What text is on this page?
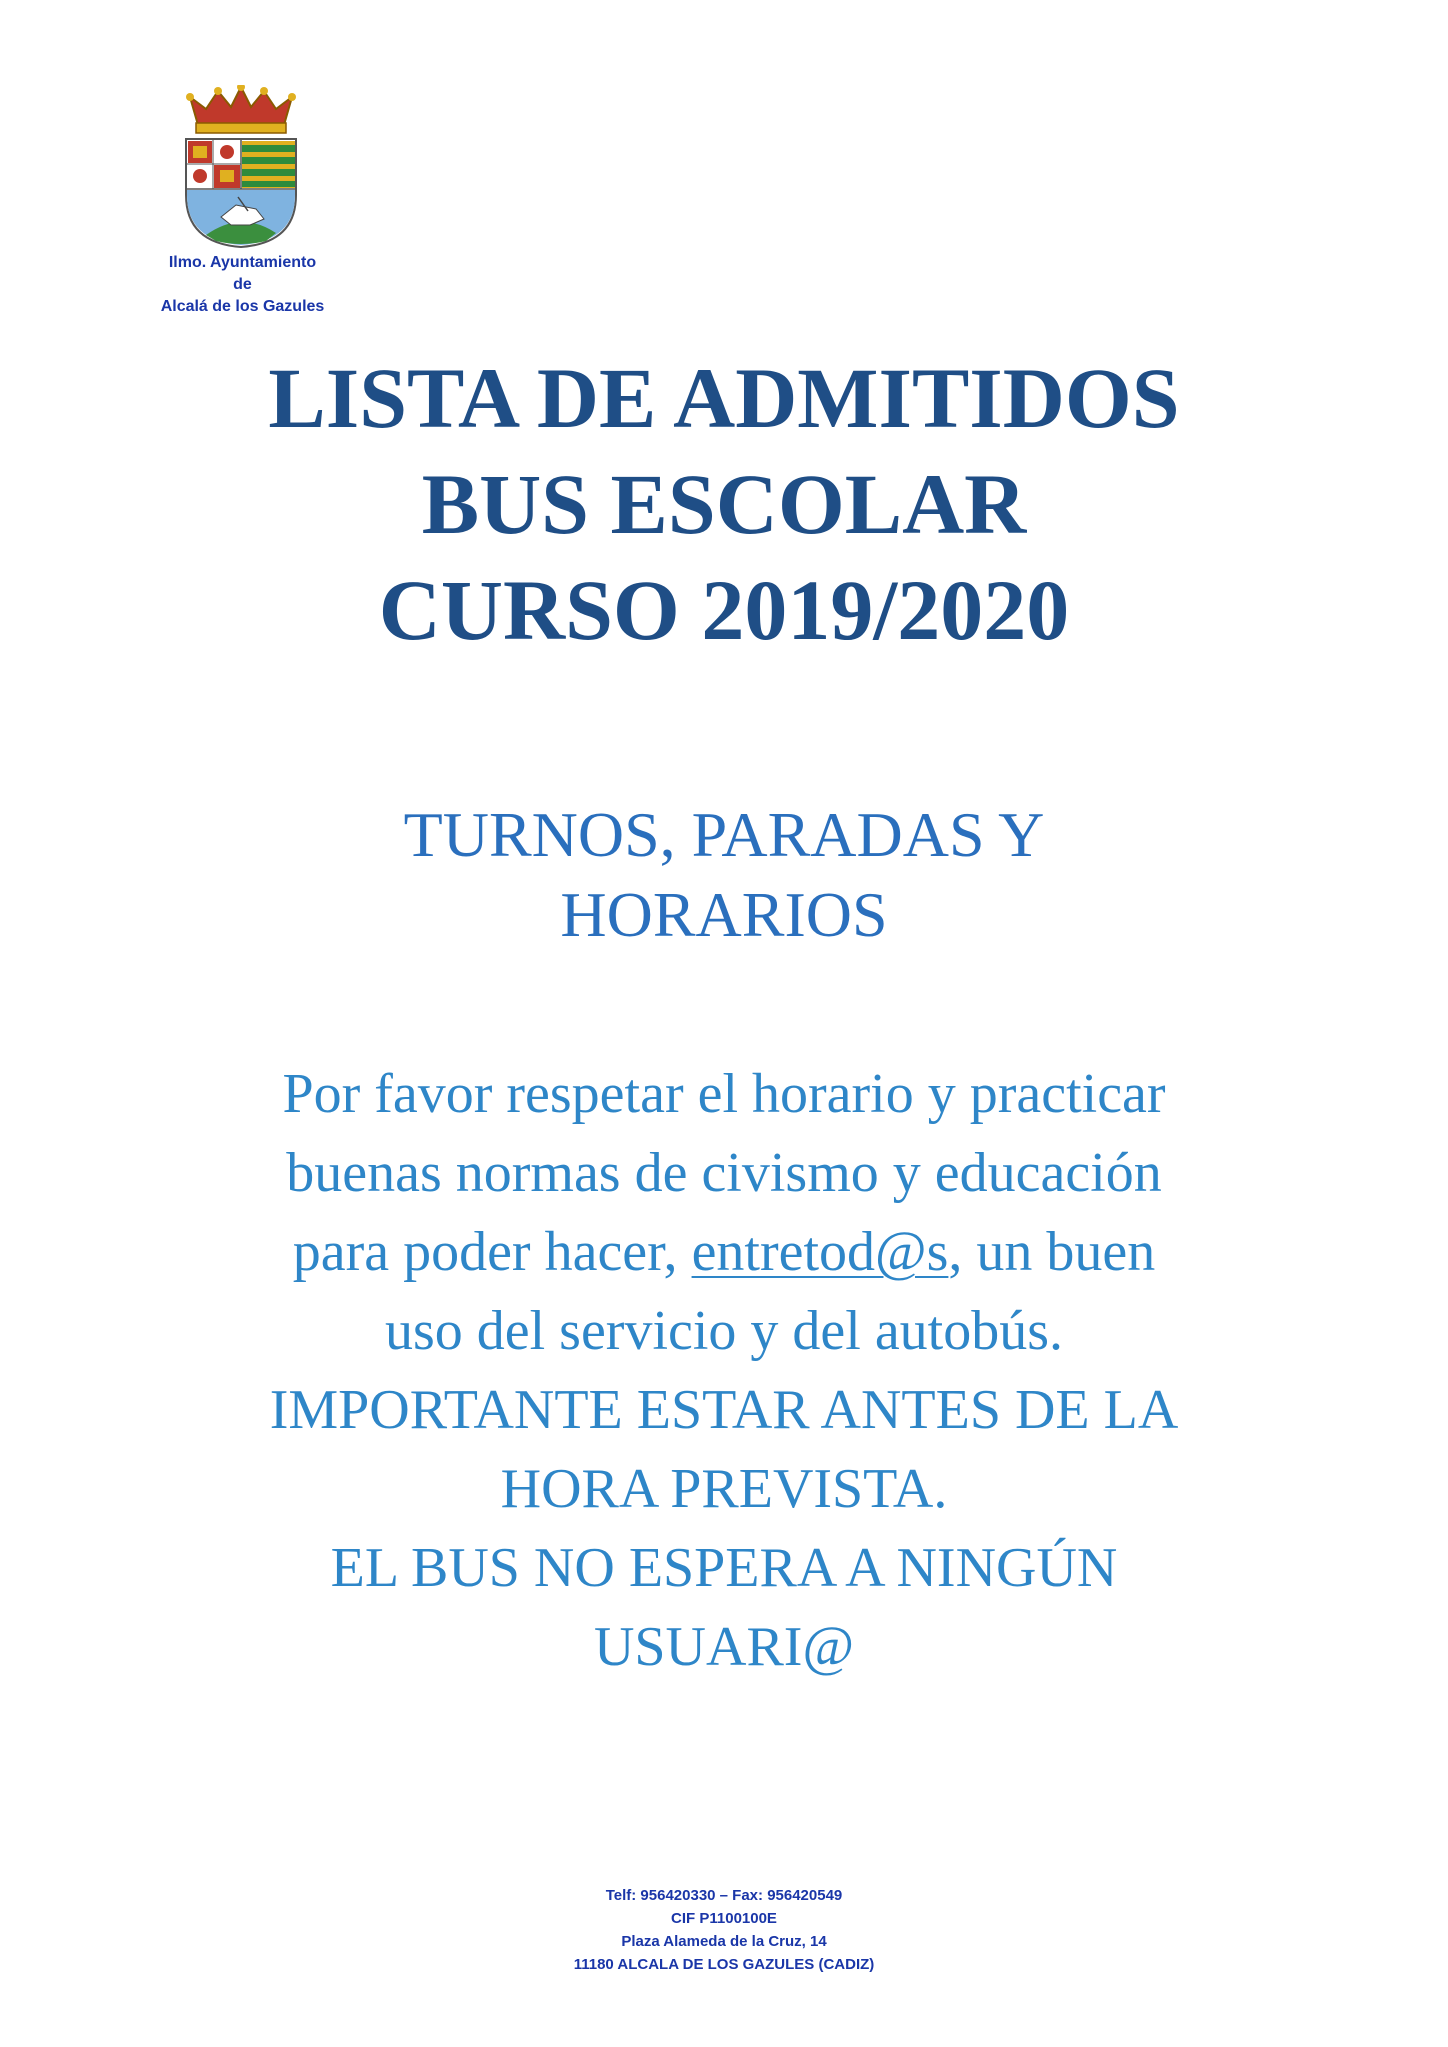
Ilmo. Ayuntamiento
de
Alcalá de los Gazules
LISTA DE ADMITIDOS
BUS ESCOLAR
CURSO 2019/2020
TURNOS, PARADAS Y
HORARIOS
Por favor respetar el horario y practicar
buenas normas de civismo y educación
para poder hacer, entretod@s, un buen
uso del servicio y del autobús.
IMPORTANTE ESTAR ANTES DE LA
HORA PREVISTA.
EL BUS NO ESPERA A NINGÚN
USUARI@
Telf: 956420330 – Fax: 956420549
CIF P1100100E
Plaza Alameda de la Cruz, 14
11180 ALCALA DE LOS GAZULES (CADIZ)
